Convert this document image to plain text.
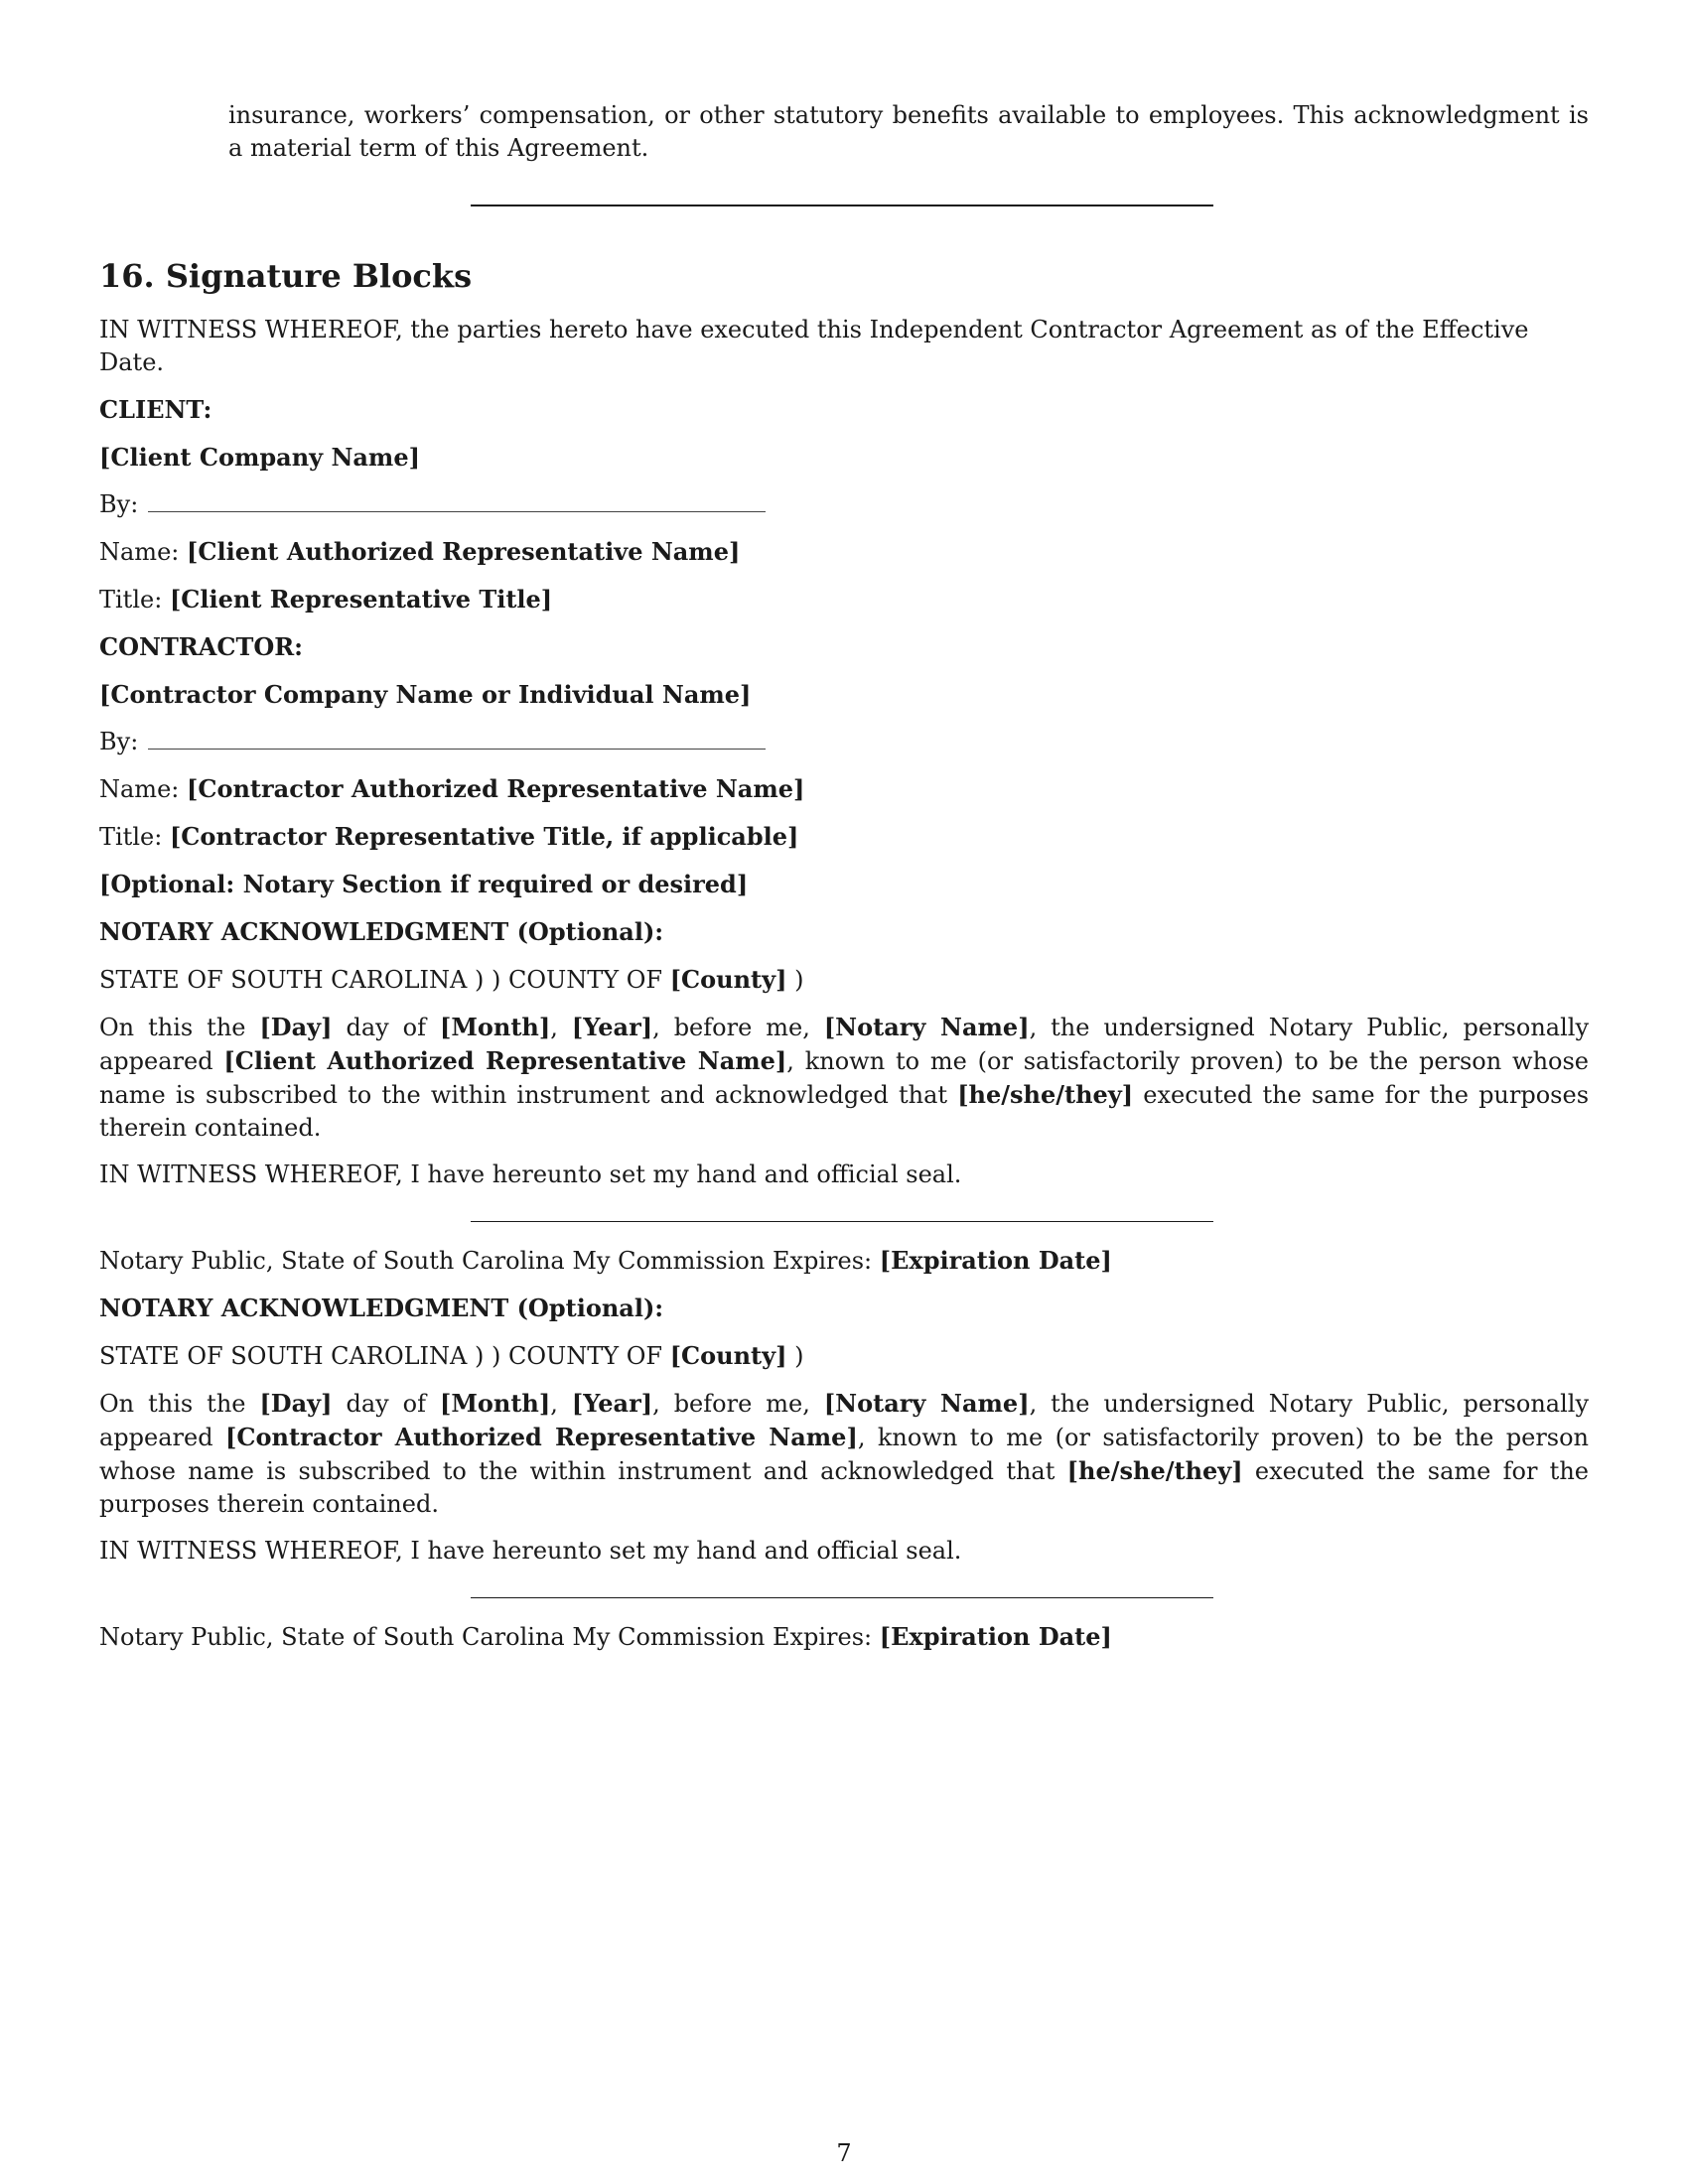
insurance, workers’ compensation, or other statutory benefits available to employees. This acknowledgment is a material term of this Agreement.

16. Signature Blocks

IN WITNESS WHEREOF, the parties hereto have executed this Independent Contractor Agreement as of the Effective Date.

CLIENT:

[Client Company Name]

By:

Name: [Client Authorized Representative Name]

Title: [Client Representative Title]

CONTRACTOR:

[Contractor Company Name or Individual Name]

By:

Name: [Contractor Authorized Representative Name]

Title: [Contractor Representative Title, if applicable]

[Optional: Notary Section if required or desired]

NOTARY ACKNOWLEDGMENT (Optional):

STATE OF SOUTH CAROLINA ) ) COUNTY OF [County] )

On this the [Day] day of [Month], [Year], before me, [Notary Name], the undersigned Notary Public, personally appeared [Client Authorized Representative Name], known to me (or satisfactorily proven) to be the person whose name is subscribed to the within instrument and acknowledged that [he/she/they] executed the same for the purposes therein contained.

IN WITNESS WHEREOF, I have hereunto set my hand and official seal.

Notary Public, State of South Carolina My Commission Expires: [Expiration Date]

NOTARY ACKNOWLEDGMENT (Optional):

STATE OF SOUTH CAROLINA ) ) COUNTY OF [County] )

On this the [Day] day of [Month], [Year], before me, [Notary Name], the undersigned Notary Public, personally appeared [Contractor Authorized Representative Name], known to me (or satisfactorily proven) to be the person whose name is subscribed to the within instrument and acknowledged that [he/she/they] executed the same for the purposes therein contained.

IN WITNESS WHEREOF, I have hereunto set my hand and official seal.

Notary Public, State of South Carolina My Commission Expires: [Expiration Date]

7
